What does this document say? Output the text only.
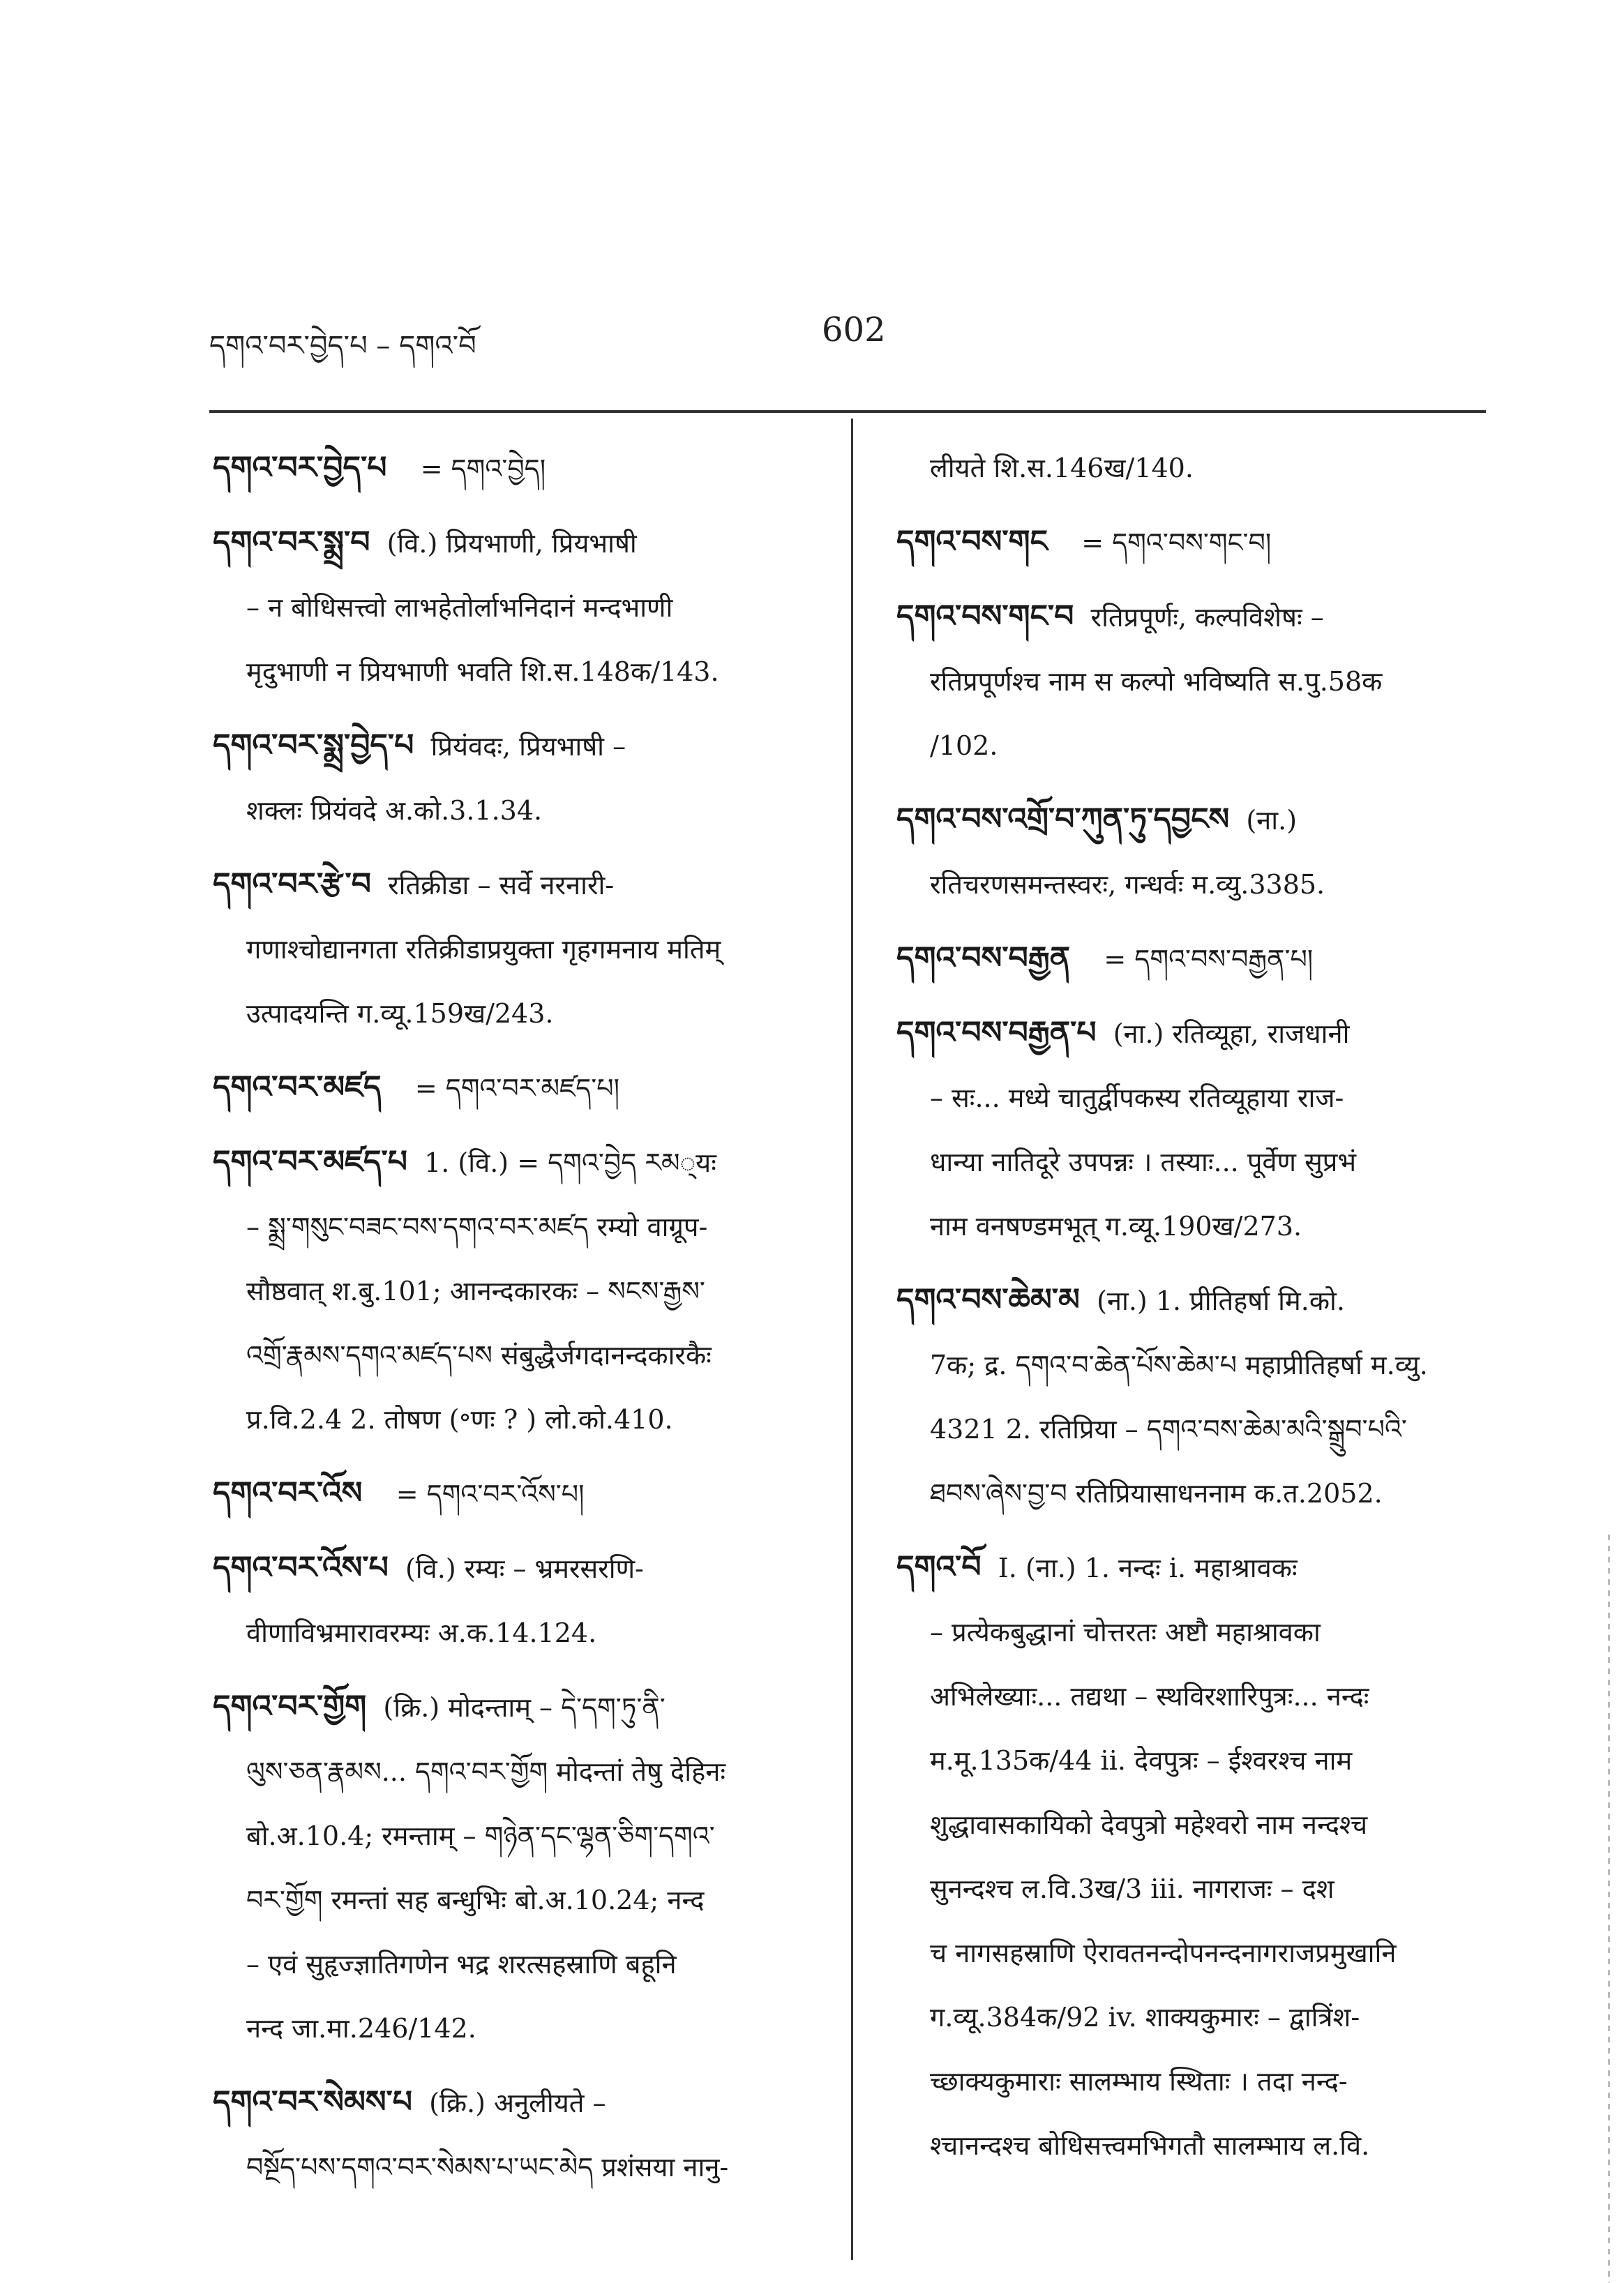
དགའ་བར་བྱེད་པ – དགའ་བོ	602

དགའ་བར་བྱེད་པ = དགའ་བྱེད།

དགའ་བར་སྨྲ་བ (वि.) प्रियभाणी, प्रियभाषी

– न बोधिसत्त्वो लाभहेतोर्लाभनिदानं मन्दभाणी

मृदुभाणी न प्रियभाणी भवति शि.स.148क/143.

དགའ་བར་སྨྲ་བྱེད་པ प्रियंवदः, प्रियभाषी –

शक्लः प्रियंवदे अ.को.3.1.34.

དགའ་བར་རྩེ་བ रतिक्रीडा – सर्वे नरनारी-

गणाश्चोद्यानगता रतिक्रीडाप्रयुक्ता गृहगमनाय मतिम्

उत्पादयन्ति ग.व्यू.159ख/243.

དགའ་བར་མཛད = དགའ་བར་མཛད་པ།

དགའ་བར་མཛད་པ 1. (वि.) = དགའ་བྱེད རམ्यः

– སྨྲ་གསུང་བཟང་བས་དགའ་བར་མཛད रम्यो वाग्रूप-

सौष्ठवात् श.बु.101; आनन्दकारकः – སངས་རྒྱས་

འགྲོ་རྣམས་དགའ་མཛད་པས संबुद्धैर्जगदानन्दकारकैः

प्र.वि.2.4 2. तोषण (॰णः ? ) लो.को.410.

དགའ་བར་འོས = དགའ་བར་འོས་པ།

དགའ་བར་འོས་པ (वि.) रम्यः – भ्रमरसरणि-

वीणाविभ्रमारावरम्यः अ.क.14.124.

དགའ་བར་གྱོག (क्रि.) मोदन्ताम् – དེ་དག་ཏུ་ནི་

ལུས་ཅན་རྣམས... དགའ་བར་གྱོག मोदन्तां तेषु देहिनः

बो.अ.10.4; रमन्ताम् – གཉེན་དང་ལྷན་ཅིག་དགའ་

བར་གྱོག रमन्तां सह बन्धुभिः बो.अ.10.24; नन्द

– एवं सुहृज्ज्ञातिगणेन भद्र शरत्सहस्राणि बहूनि

नन्द जा.मा.246/142.

དགའ་བར་སེམས་པ (क्रि.) अनुलीयते –

བསྔོད་པས་དགའ་བར་སེམས་པ་ཡང་མེད प्रशंसया नानु-

लीयते शि.स.146ख/140.

དགའ་བས་གང = དགའ་བས་གང་བ།

དགའ་བས་གང་བ रतिप्रपूर्णः, कल्पविशेषः –

रतिप्रपूर्णश्च नाम स कल्पो भविष्यति स.पु.58क

/102.

དགའ་བས་འགྲོ་བ་ཀུན་ཏུ་དབྱངས (ना.)

रतिचरणसमन्तस्वरः, गन्धर्वः म.व्यु.3385.

དགའ་བས་བརྒྱན = དགའ་བས་བརྒྱན་པ།

དགའ་བས་བརྒྱན་པ (ना.) रतिव्यूहा, राजधानी

– सः... मध्ये चातुर्द्वीपकस्य रतिव्यूहाया राज-

धान्या नातिदूरे उपपन्नः । तस्याः... पूर्वेण सुप्रभं

नाम वनषण्डमभूत् ग.व्यू.190ख/273.

དགའ་བས་ཆེམ་མ (ना.) 1. प्रीतिहर्षा मि.को.

7क; द्र. དགའ་བ་ཆེན་པོས་ཆེམ་པ महाप्रीतिहर्षा म.व्यु.

4321 2. रतिप्रिया – དགའ་བས་ཆེམ་མའི་སྒྲུབ་པའི་

ཐབས་ཞེས་བྱ་བ रतिप्रियासाधननाम क.त.2052.

དགའ་བོ I. (ना.) 1. नन्दः i. महाश्रावकः

– प्रत्येकबुद्धानां चोत्तरतः अष्टौ महाश्रावका

अभिलेख्याः... तद्यथा – स्थविरशारिपुत्रः... नन्दः

म.मू.135क/44 ii. देवपुत्रः – ईश्वरश्च नाम

शुद्धावासकायिको देवपुत्रो महेश्वरो नाम नन्दश्च

सुनन्दश्च ल.वि.3ख/3 iii. नागराजः – दश

च नागसहस्राणि ऐरावतनन्दोपनन्दनागराजप्रमुखानि

ग.व्यू.384क/92 iv. शाक्यकुमारः – द्वात्रिंश-

च्छाक्यकुमाराः सालम्भाय स्थिताः । तदा नन्द-

श्चानन्दश्च बोधिसत्त्वमभिगतौ सालम्भाय ल.वि.
